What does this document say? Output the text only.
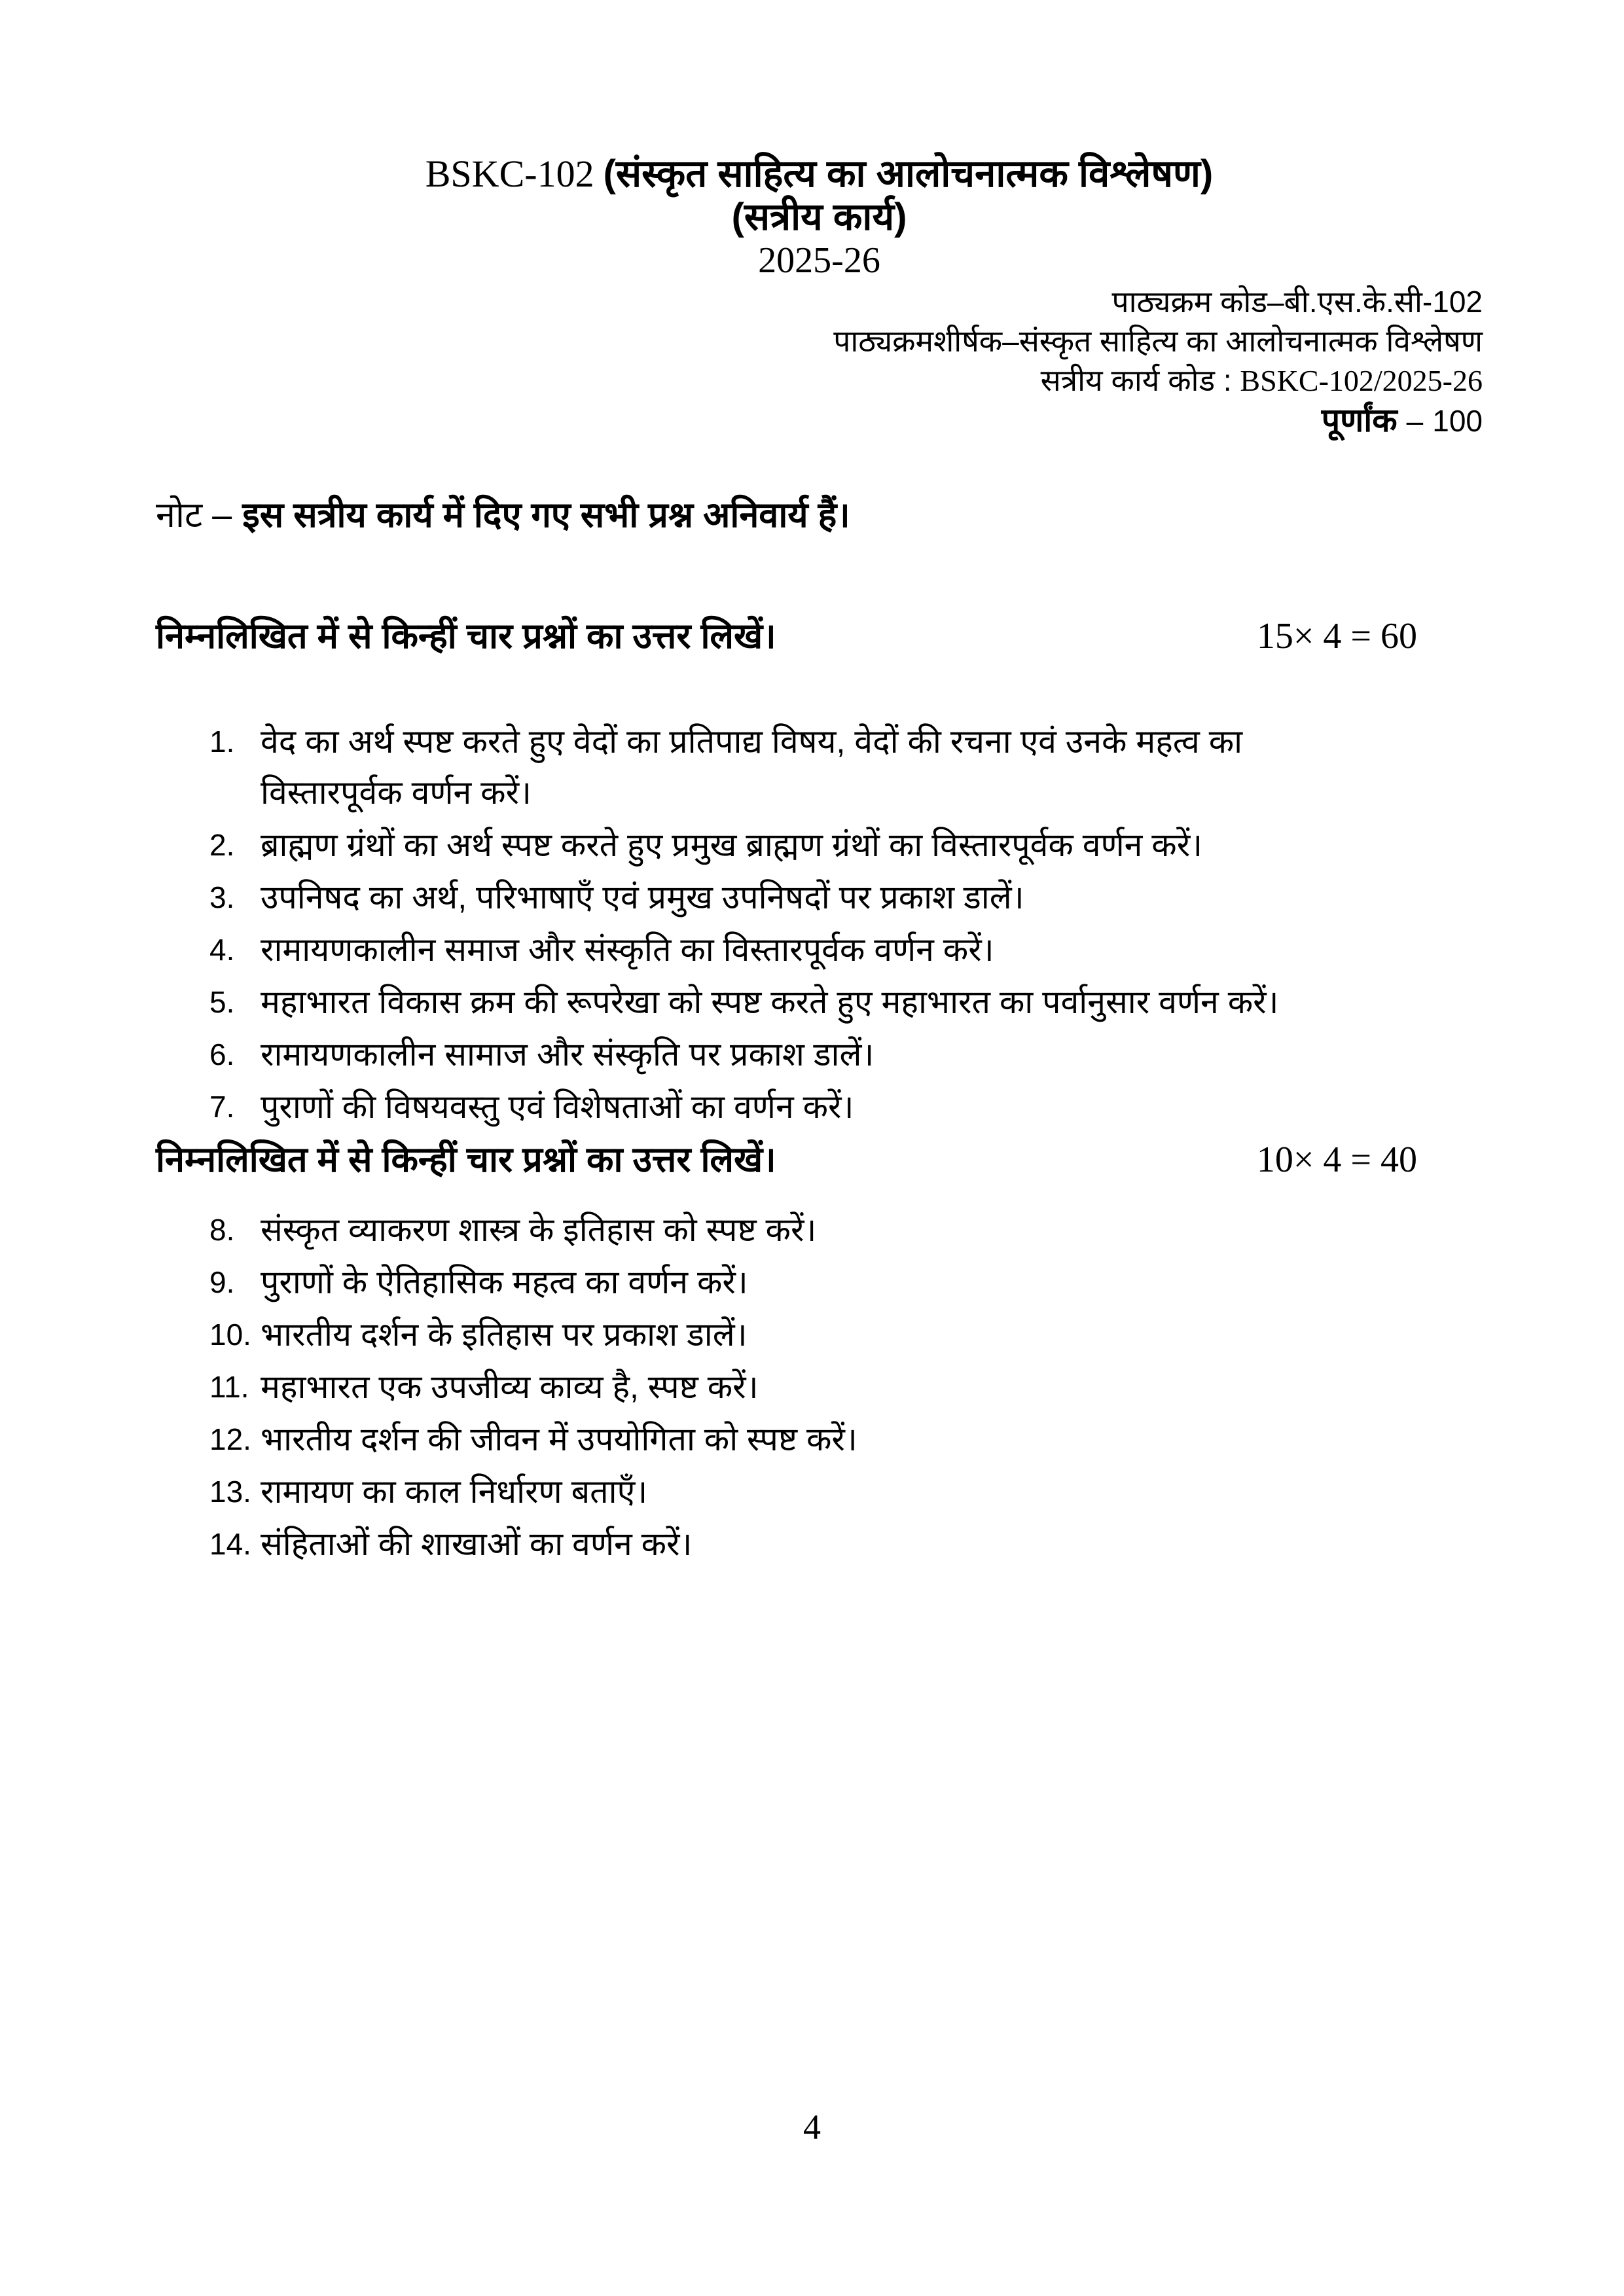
BSKC-102 (संस्कृत साहित्य का आलोचनात्मक विश्लेषण)
(सत्रीय कार्य)
2025-26
पाठ्यक्रम कोड–बी.एस.के.सी-102
पाठ्यक्रमशीर्षक–संस्कृत साहित्य का आलोचनात्मक विश्लेषण
सत्रीय कार्य कोड : BSKC-102/2025-26
पूर्णांक – 100
नोट – इस सत्रीय कार्य में दिए गए सभी प्रश्न अनिवार्य हैं।
निम्नलिखित में से किन्हीं चार प्रश्नों का उत्तर लिखें।	15× 4 = 60
1. वेद का अर्थ स्पष्ट करते हुए वेदों का प्रतिपाद्य विषय, वेदों की रचना एवं उनके महत्व का
विस्तारपूर्वक वर्णन करें।
2. ब्राह्मण ग्रंथों का अर्थ स्पष्ट करते हुए प्रमुख ब्राह्मण ग्रंथों का विस्तारपूर्वक वर्णन करें।
3. उपनिषद का अर्थ, परिभाषाएँ एवं प्रमुख उपनिषदों पर प्रकाश डालें।
4. रामायणकालीन समाज और संस्कृति का विस्तारपूर्वक वर्णन करें।
5. महाभारत विकास क्रम की रूपरेखा को स्पष्ट करते हुए महाभारत का पर्वानुसार वर्णन करें।
6. रामायणकालीन सामाज और संस्कृति पर प्रकाश डालें।
7. पुराणों की विषयवस्तु एवं विशेषताओं का वर्णन करें।
निम्नलिखित में से किन्हीं चार प्रश्नों का उत्तर लिखें।	10× 4 = 40
8. संस्कृत व्याकरण शास्त्र के इतिहास को स्पष्ट करें।
9. पुराणों के ऐतिहासिक महत्व का वर्णन करें।
10. भारतीय दर्शन के इतिहास पर प्रकाश डालें।
11. महाभारत एक उपजीव्य काव्य है, स्पष्ट करें।
12. भारतीय दर्शन की जीवन में उपयोगिता को स्पष्ट करें।
13. रामायण का काल निर्धारण बताएँ।
14. संहिताओं की शाखाओं का वर्णन करें।
4
